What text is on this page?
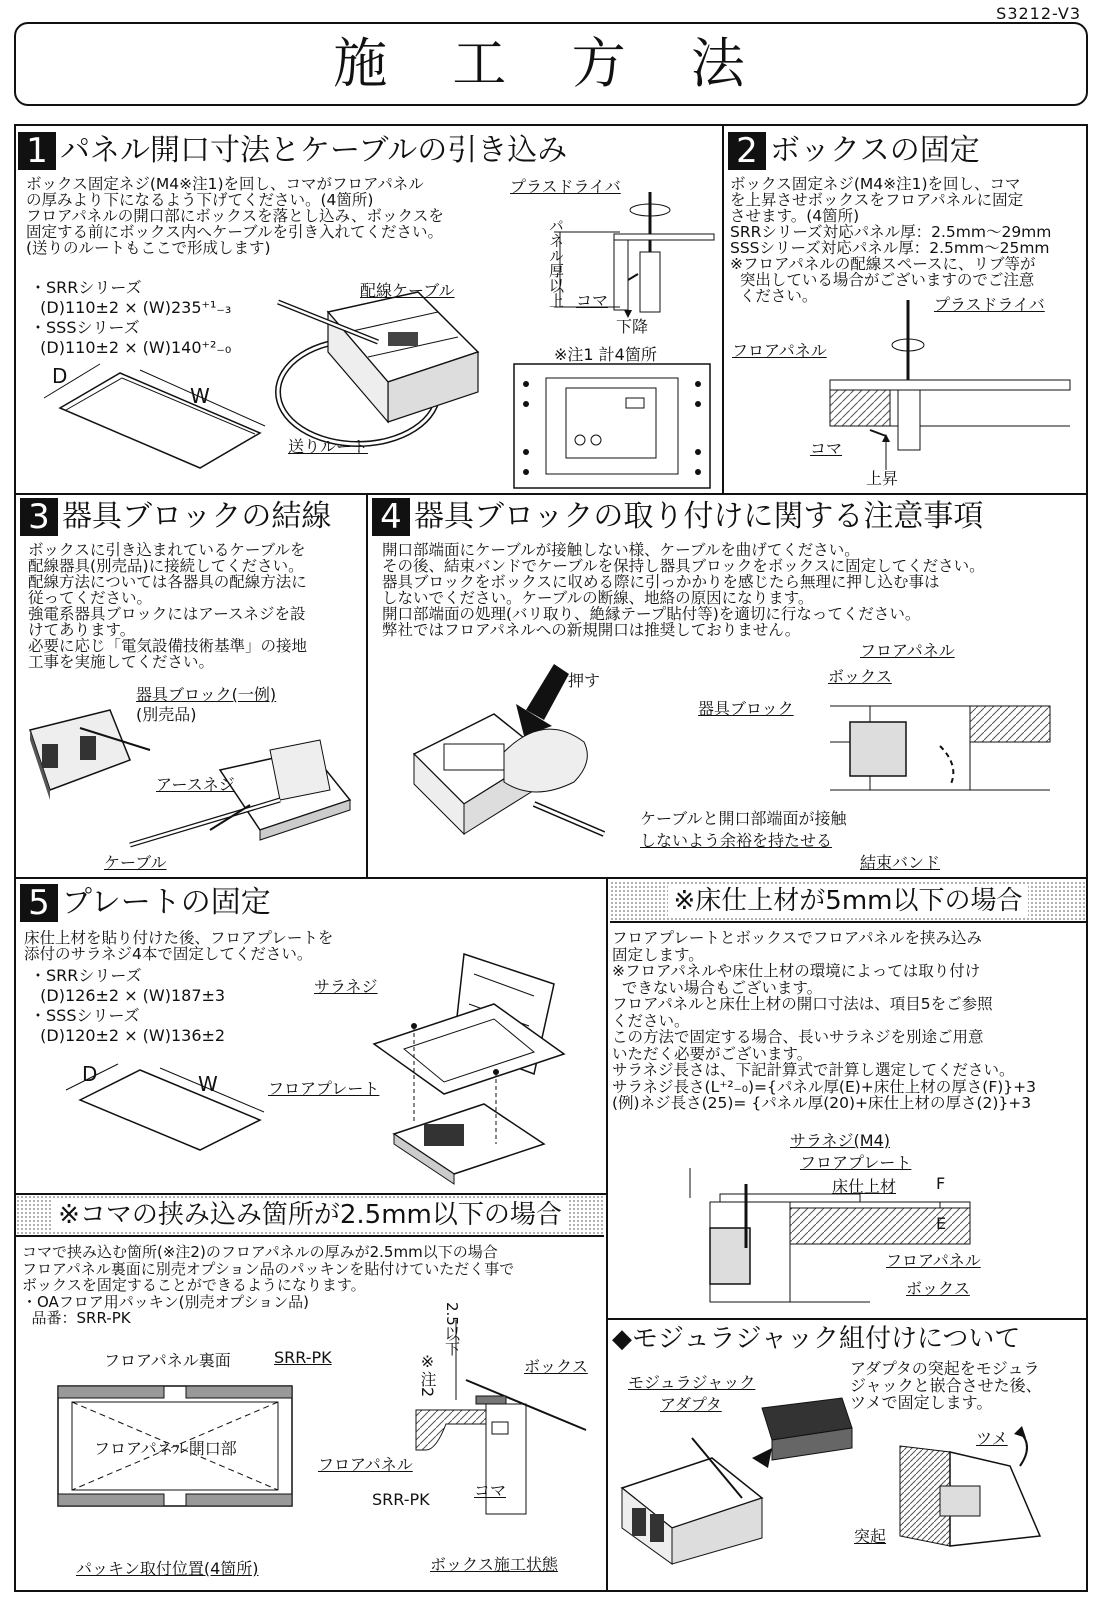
S3212-V3
施 工 方 法
1 パネル開口寸法とケーブルの引き込み
ボックス固定ネジ(M4※注1)を回し、コマがフロアパネル
の厚みより下になるよう下げてください。(4箇所)
フロアパネルの開口部にボックスを落とし込み、ボックスを
固定する前にボックス内へケーブルを引き入れてください。
(送りのルートもここで形成します)
・SRRシリーズ
(D)110±2 × (W)235⁺¹₋₃
・SSSシリーズ
(D)110±2 × (W)140⁺²₋₀
D
W
配線ケーブル
送りルート
プラスドライバ
パネル厚以上 コマ
下降
※注1 計4箇所
2 ボックスの固定
ボックス固定ネジ(M4※注1)を回し、コマ
を上昇させボックスをフロアパネルに固定
させます。(4箇所)
SRRシリーズ対応パネル厚：2.5mm～29mm
SSSシリーズ対応パネル厚：2.5mm～25mm
※フロアパネルの配線スペースに、リブ等が
突出している場合がございますのでご注意
ください。	プラスドライバ
フロアパネル
コマ
上昇
3 器具ブロックの結線
ボックスに引き込まれているケーブルを
配線器具(別売品)に接続してください。
配線方法については各器具の配線方法に
従ってください。
強電系器具ブロックにはアースネジを設
けてあります。
必要に応じ「電気設備技術基準」の接地
工事を実施してください。
器具ブロック(一例)
(別売品)
アースネジ
ケーブル
4 器具ブロックの取り付けに関する注意事項
開口部端面にケーブルが接触しない様、ケーブルを曲げてください。
その後、結束バンドでケーブルを保持し器具ブロックをボックスに固定してください。
器具ブロックをボックスに収める際に引っかかりを感じたら無理に押し込む事は
しないでください。ケーブルの断線、地絡の原因になります。
開口部端面の処理(バリ取り、絶縁テープ貼付等)を適切に行なってください。
弊社ではフロアパネルへの新規開口は推奨しておりません。
押す
フロアパネル
ボックス
器具ブロック
ケーブルと開口部端面が接触
しないよう余裕を持たせる
結束バンド
5 プレートの固定
床仕上材を貼り付けた後、フロアプレートを
添付のサラネジ4本で固定してください。
・SRRシリーズ
(D)126±2 × (W)187±3
・SSSシリーズ
(D)120±2 × (W)136±2
D	W
サラネジ
フロアプレート
※床仕上材が5mm以下の場合
フロアプレートとボックスでフロアパネルを挟み込み
固定します。
※フロアパネルや床仕上材の環境によっては取り付け
できない場合もございます。
フロアパネルと床仕上材の開口寸法は、項目5をご参照
ください。
この方法で固定する場合、長いサラネジを別途ご用意
いただく必要がございます。
サラネジ長さは、下記計算式で計算し選定してください。
サラネジ長さ(L⁺²₋₀)={パネル厚(E)+床仕上材の厚さ(F)}+3
(例)ネジ長さ(25)= {パネル厚(20)+床仕上材の厚さ(2)}+3
サラネジ(M4)
フロアプレート
床仕上材 F
E
フロアパネル
ボックス
※コマの挟み込み箇所が2.5mm以下の場合
コマで挟み込む箇所(※注2)のフロアパネルの厚みが2.5mm以下の場合
フロアパネル裏面に別売オプション品のパッキンを貼付けていただく事で
ボックスを固定することができるようになります。
・OAフロア用パッキン(別売オプション品)
品番：SRR-PK
フロアパネル裏面	SRR-PK
フロアパネル開口部
パッキン取付位置(4箇所)
※注2
2.5以下
ボックス
フロアパネル
SRR-PK	コマ
ボックス施工状態
◆モジュラジャック組付けについて
アダプタの突起をモジュラ
ジャックと嵌合させた後、
ツメで固定します。
モジュラジャック
アダプタ
ツメ
突起
